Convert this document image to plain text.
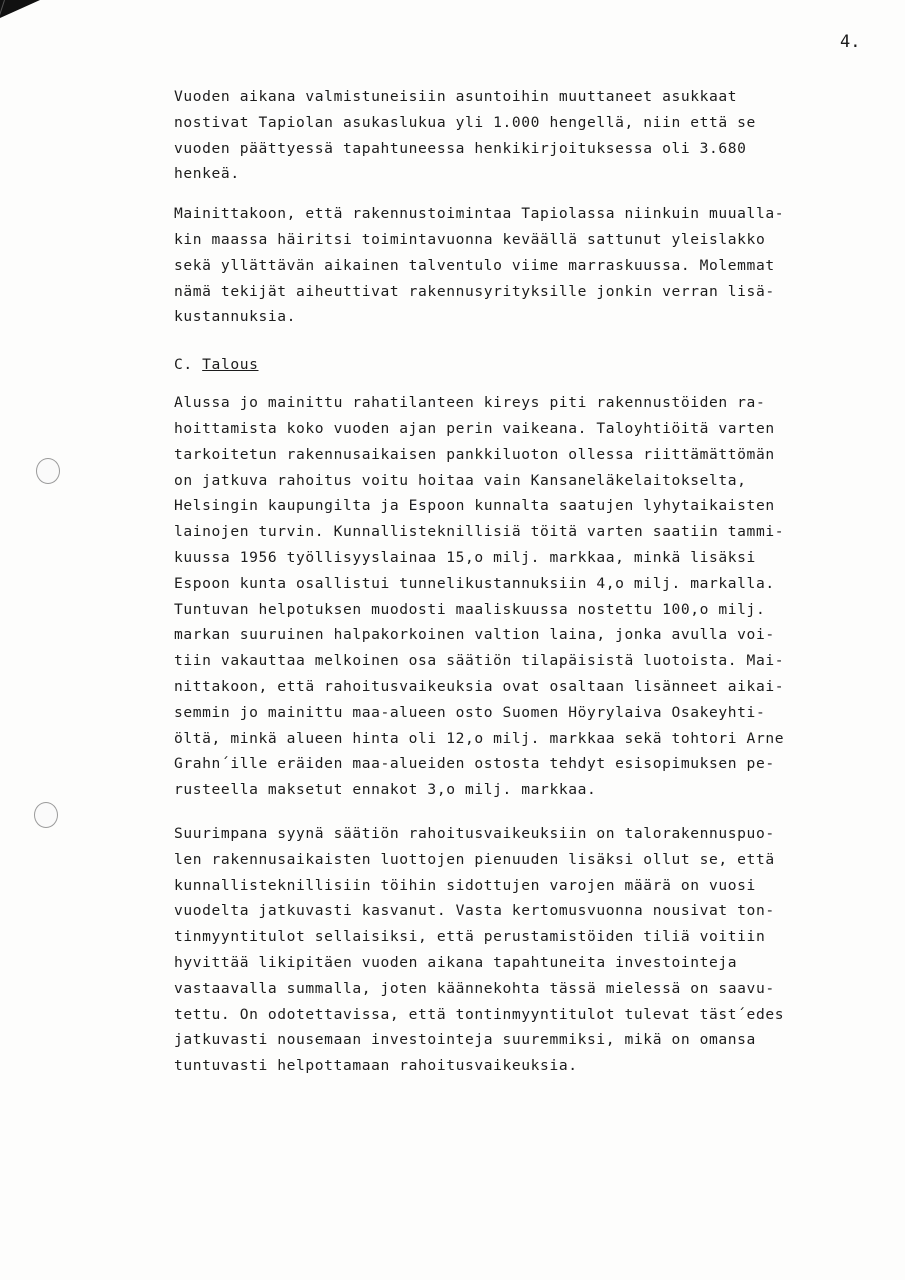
4.

Vuoden aikana valmistuneisiin asuntoihin muuttaneet asukkaat
nostivat Tapiolan asukaslukua yli 1.000 hengellä, niin että se
vuoden päättyessä tapahtuneessa henkikirjoituksessa oli 3.680
henkeä.

Mainittakoon, että rakennustoimintaa Tapiolassa niinkuin muualla-
kin maassa häiritsi toimintavuonna keväällä sattunut yleislakko
sekä yllättävän aikainen talventulo viime marraskuussa. Molemmat
nämä tekijät aiheuttivat rakennusyrityksille jonkin verran lisä-
kustannuksia.

C. Talous

Alussa jo mainittu rahatilanteen kireys piti rakennustöiden ra-
hoittamista koko vuoden ajan perin vaikeana. Taloyhtiöitä varten
tarkoitetun rakennusaikaisen pankkiluoton ollessa riittämättömän
on jatkuva rahoitus voitu hoitaa vain Kansaneläkelaitokselta,
Helsingin kaupungilta ja Espoon kunnalta saatujen lyhytaikaisten
lainojen turvin. Kunnallisteknillisiä töitä varten saatiin tammi-
kuussa 1956 työllisyyslainaa 15,o milj. markkaa, minkä lisäksi
Espoon kunta osallistui tunnelikustannuksiin 4,o milj. markalla.
Tuntuvan helpotuksen muodosti maaliskuussa nostettu 100,o milj.
markan suuruinen halpakorkoinen valtion laina, jonka avulla voi-
tiin vakauttaa melkoinen osa säätiön tilapäisistä luotoista. Mai-
nittakoon, että rahoitusvaikeuksia ovat osaltaan lisänneet aikai-
semmin jo mainittu maa-alueen osto Suomen Höyrylaiva Osakeyhti-
öltä, minkä alueen hinta oli 12,o milj. markkaa sekä tohtori Arne
Grahn´ille eräiden maa-alueiden ostosta tehdyt esisopimuksen pe-
rusteella maksetut ennakot 3,o milj. markkaa.

Suurimpana syynä säätiön rahoitusvaikeuksiin on talorakennuspuo-
len rakennusaikaisten luottojen pienuuden lisäksi ollut se, että
kunnallisteknillisiin töihin sidottujen varojen määrä on vuosi
vuodelta jatkuvasti kasvanut. Vasta kertomusvuonna nousivat ton-
tinmyyntitulot sellaisiksi, että perustamistöiden tiliä voitiin
hyvittää likipitäen vuoden aikana tapahtuneita investointeja
vastaavalla summalla, joten käännekohta tässä mielessä on saavu-
tettu. On odotettavissa, että tontinmyyntitulot tulevat täst´edes
jatkuvasti nousemaan investointeja suuremmiksi, mikä on omansa
tuntuvasti helpottamaan rahoitusvaikeuksia.
